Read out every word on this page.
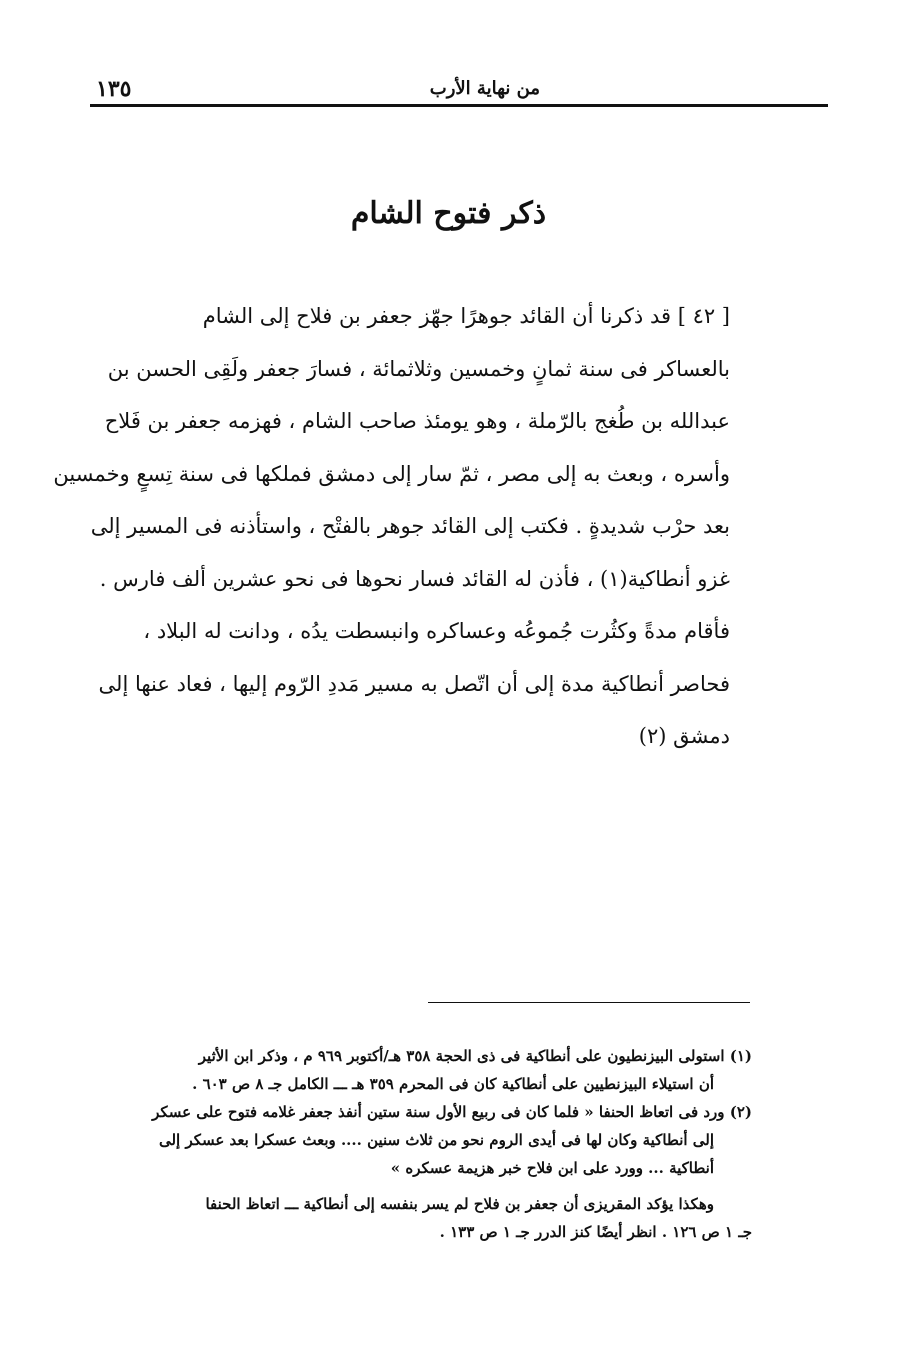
من نهاية الأرب
١٣٥
ذكر فتوح الشام
[ ٤٢ ] قد ذكرنا أن القائد جوهرًا جهّز جعفر بن فلاح إلى الشام
بالعساكر فى سنة ثمانٍ وخمسين وثلاثمائة ، فسارَ جعفر ولَقِى الحسن بن
عبدالله بن طُغج بالرّملة ، وهو يومئذ صاحب الشام ، فهزمه جعفر بن فَلاح
وأسره ، وبعث به إلى مصر ، ثمّ سار إلى دمشق فملكها فى سنة تِسعٍ وخمسين
بعد حرْب شديدةٍ . فكتب إلى القائد جوهر بالفتْح ، واستأذنه فى المسير إلى
غزو أنطاكية(١) ، فأذن له القائد فسار نحوها فى نحو عشرين ألف فارس .
فأقام مدةً وكثُرت جُموعُه وعساكره وانبسطت يدُه ، ودانت له البلاد ،
فحاصر أنطاكية مدة إلى أن اتّصل به مسير مَددِ الرّوم إليها ، فعاد عنها إلى
دمشق (٢)
(١) استولى البيزنطيون على أنطاكية فى ذى الحجة ٣٥٨ هـ/أكتوبر ٩٦٩ م ، وذكر ابن الأثير
أن استيلاء البيزنطيين على أنطاكية كان فى المحرم ٣٥٩ هـ ـــ الكامل جـ ٨ ص ٦٠٣ .
(٢) ورد فى اتعاظ الحنفا « فلما كان فى ربيع الأول سنة ستين أنفذ جعفر غلامه فتوح على عسكر
إلى أنطاكية وكان لها فى أيدى الروم نحو من ثلاث سنين .... وبعث عسكرا بعد عسكر إلى
أنطاكية ... وورد على ابن فلاح خبر هزيمة عسكره »
وهكذا يؤكد المقريزى أن جعفر بن فلاح لم يسر بنفسه إلى أنطاكية ـــ اتعاظ الحنفا
جـ ١ ص ١٢٦ . انظر أيضًا كنز الدرر جـ ١ ص ١٣٣ .
